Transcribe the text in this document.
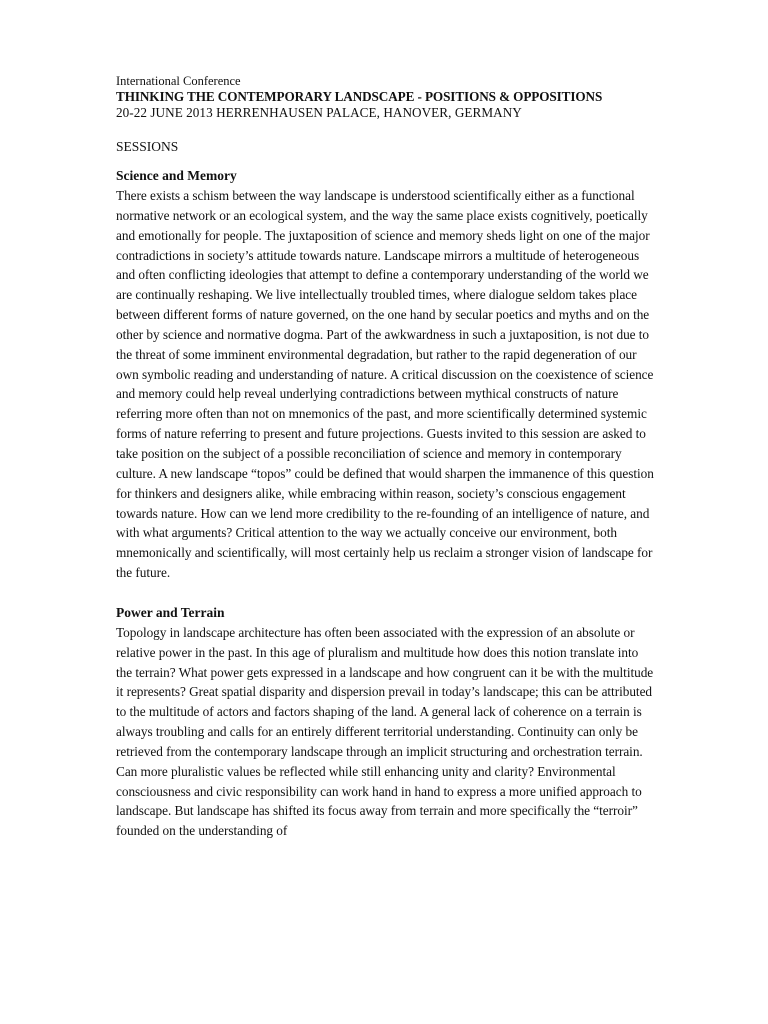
International Conference

THINKING THE CONTEMPORARY LANDSCAPE - POSITIONS & OPPOSITIONS

20-22 JUNE 2013 HERRENHAUSEN PALACE, HANOVER, GERMANY

SESSIONS

Science and Memory

There exists a schism between the way landscape is understood scientifically either as a functional normative network or an ecological system, and the way the same place exists cognitively, poetically and emotionally for people. The juxtaposition of science and memory sheds light on one of the major contradictions in society’s attitude towards nature. Landscape mirrors a multitude of heterogeneous and often conflicting ideologies that attempt to define a contemporary understanding of the world we are continually reshaping. We live intellectually troubled times, where dialogue seldom takes place between different forms of nature governed, on the one hand by secular poetics and myths and on the other by science and normative dogma. Part of the awkwardness in such a juxtaposition, is not due to the threat of some imminent environmental degradation, but rather to the rapid degeneration of our own symbolic reading and understanding of nature. A critical discussion on the coexistence of science and memory could help reveal underlying contradictions between mythical constructs of nature referring more often than not on mnemonics of the past, and more scientifically determined systemic forms of nature referring to present and future projections. Guests invited to this session are asked to take position on the subject of a possible reconciliation of science and memory in contemporary culture. A new landscape “topos” could be defined that would sharpen the immanence of this question for thinkers and designers alike, while embracing within reason, society’s conscious engagement towards nature. How can we lend more credibility to the re-founding of an intelligence of nature, and with what arguments? Critical attention to the way we actually conceive our environment, both mnemonically and scientifically, will most certainly help us reclaim a stronger vision of landscape for the future.

Power and Terrain

Topology in landscape architecture has often been associated with the expression of an absolute or relative power in the past. In this age of pluralism and multitude how does this notion translate into the terrain? What power gets expressed in a landscape and how congruent can it be with the multitude it represents? Great spatial disparity and dispersion prevail in today’s landscape; this can be attributed to the multitude of actors and factors shaping of the land. A general lack of coherence on a terrain is always troubling and calls for an entirely different territorial understanding. Continuity can only be retrieved from the contemporary landscape through an implicit structuring and orchestration terrain. Can more pluralistic values be reflected while still enhancing unity and clarity? Environmental consciousness and civic responsibility can work hand in hand to express a more unified approach to landscape. But landscape has shifted its focus away from terrain and more specifically the “terroir” founded on the understanding of
